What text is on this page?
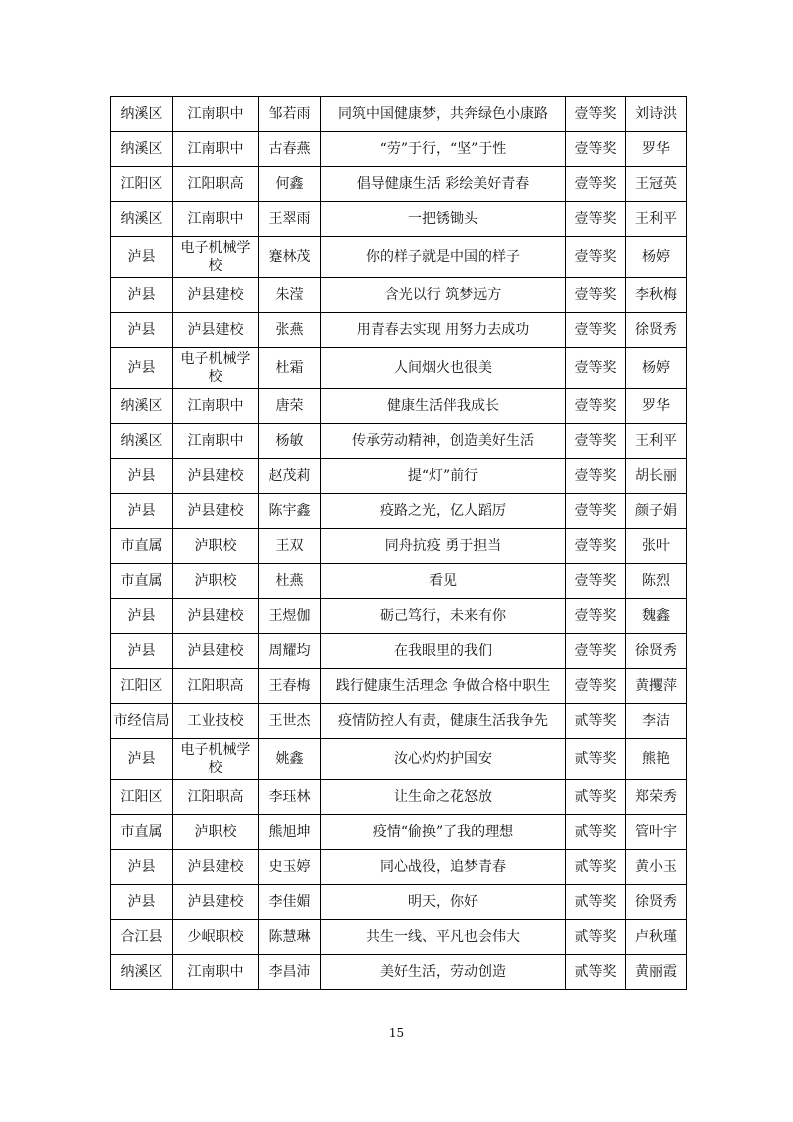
纳溪区	江南职中	邹若雨	同筑中国健康梦，共奔绿色小康路	壹等奖	刘诗洪
纳溪区	江南职中	古春燕	“劳”于行，“坚”于性	壹等奖	罗华
江阳区	江阳职高	何鑫	倡导健康生活 彩绘美好青春	壹等奖	王冠英
纳溪区	江南职中	王翠雨	一把锈锄头	壹等奖	王利平
泸县	电子机械学校	蹇林茂	你的样子就是中国的样子	壹等奖	杨婷
泸县	泸县建校	朱滢	含光以行 筑梦远方	壹等奖	李秋梅
泸县	泸县建校	张燕	用青春去实现 用努力去成功	壹等奖	徐贤秀
泸县	电子机械学校	杜霜	人间烟火也很美	壹等奖	杨婷
纳溪区	江南职中	唐荣	健康生活伴我成长	壹等奖	罗华
纳溪区	江南职中	杨敏	传承劳动精神，创造美好生活	壹等奖	王利平
泸县	泸县建校	赵茂莉	提“灯”前行	壹等奖	胡长丽
泸县	泸县建校	陈宇鑫	疫路之光，亿人蹈厉	壹等奖	颜子娟
市直属	泸职校	王双	同舟抗疫 勇于担当	壹等奖	张叶
市直属	泸职校	杜燕	看见	壹等奖	陈烈
泸县	泸县建校	王煜伽	砺己笃行，未来有你	壹等奖	魏鑫
泸县	泸县建校	周耀均	在我眼里的我们	壹等奖	徐贤秀
江阳区	江阳职高	王春梅	践行健康生活理念 争做合格中职生	壹等奖	黄攫萍
市经信局	工业技校	王世杰	疫情防控人有责，健康生活我争先	贰等奖	李洁
泸县	电子机械学校	姚鑫	汝心灼灼护国安	贰等奖	熊艳
江阳区	江阳职高	李珏林	让生命之花怒放	贰等奖	郑荣秀
市直属	泸职校	熊旭坤	疫情“偷换”了我的理想	贰等奖	管叶宇
泸县	泸县建校	史玉婷	同心战役，追梦青春	贰等奖	黄小玉
泸县	泸县建校	李佳媚	明天，你好	贰等奖	徐贤秀
合江县	少岷职校	陈慧琳	共生一线、平凡也会伟大	贰等奖	卢秋瑾
纳溪区	江南职中	李昌沛	美好生活，劳动创造	贰等奖	黄丽霞
15
